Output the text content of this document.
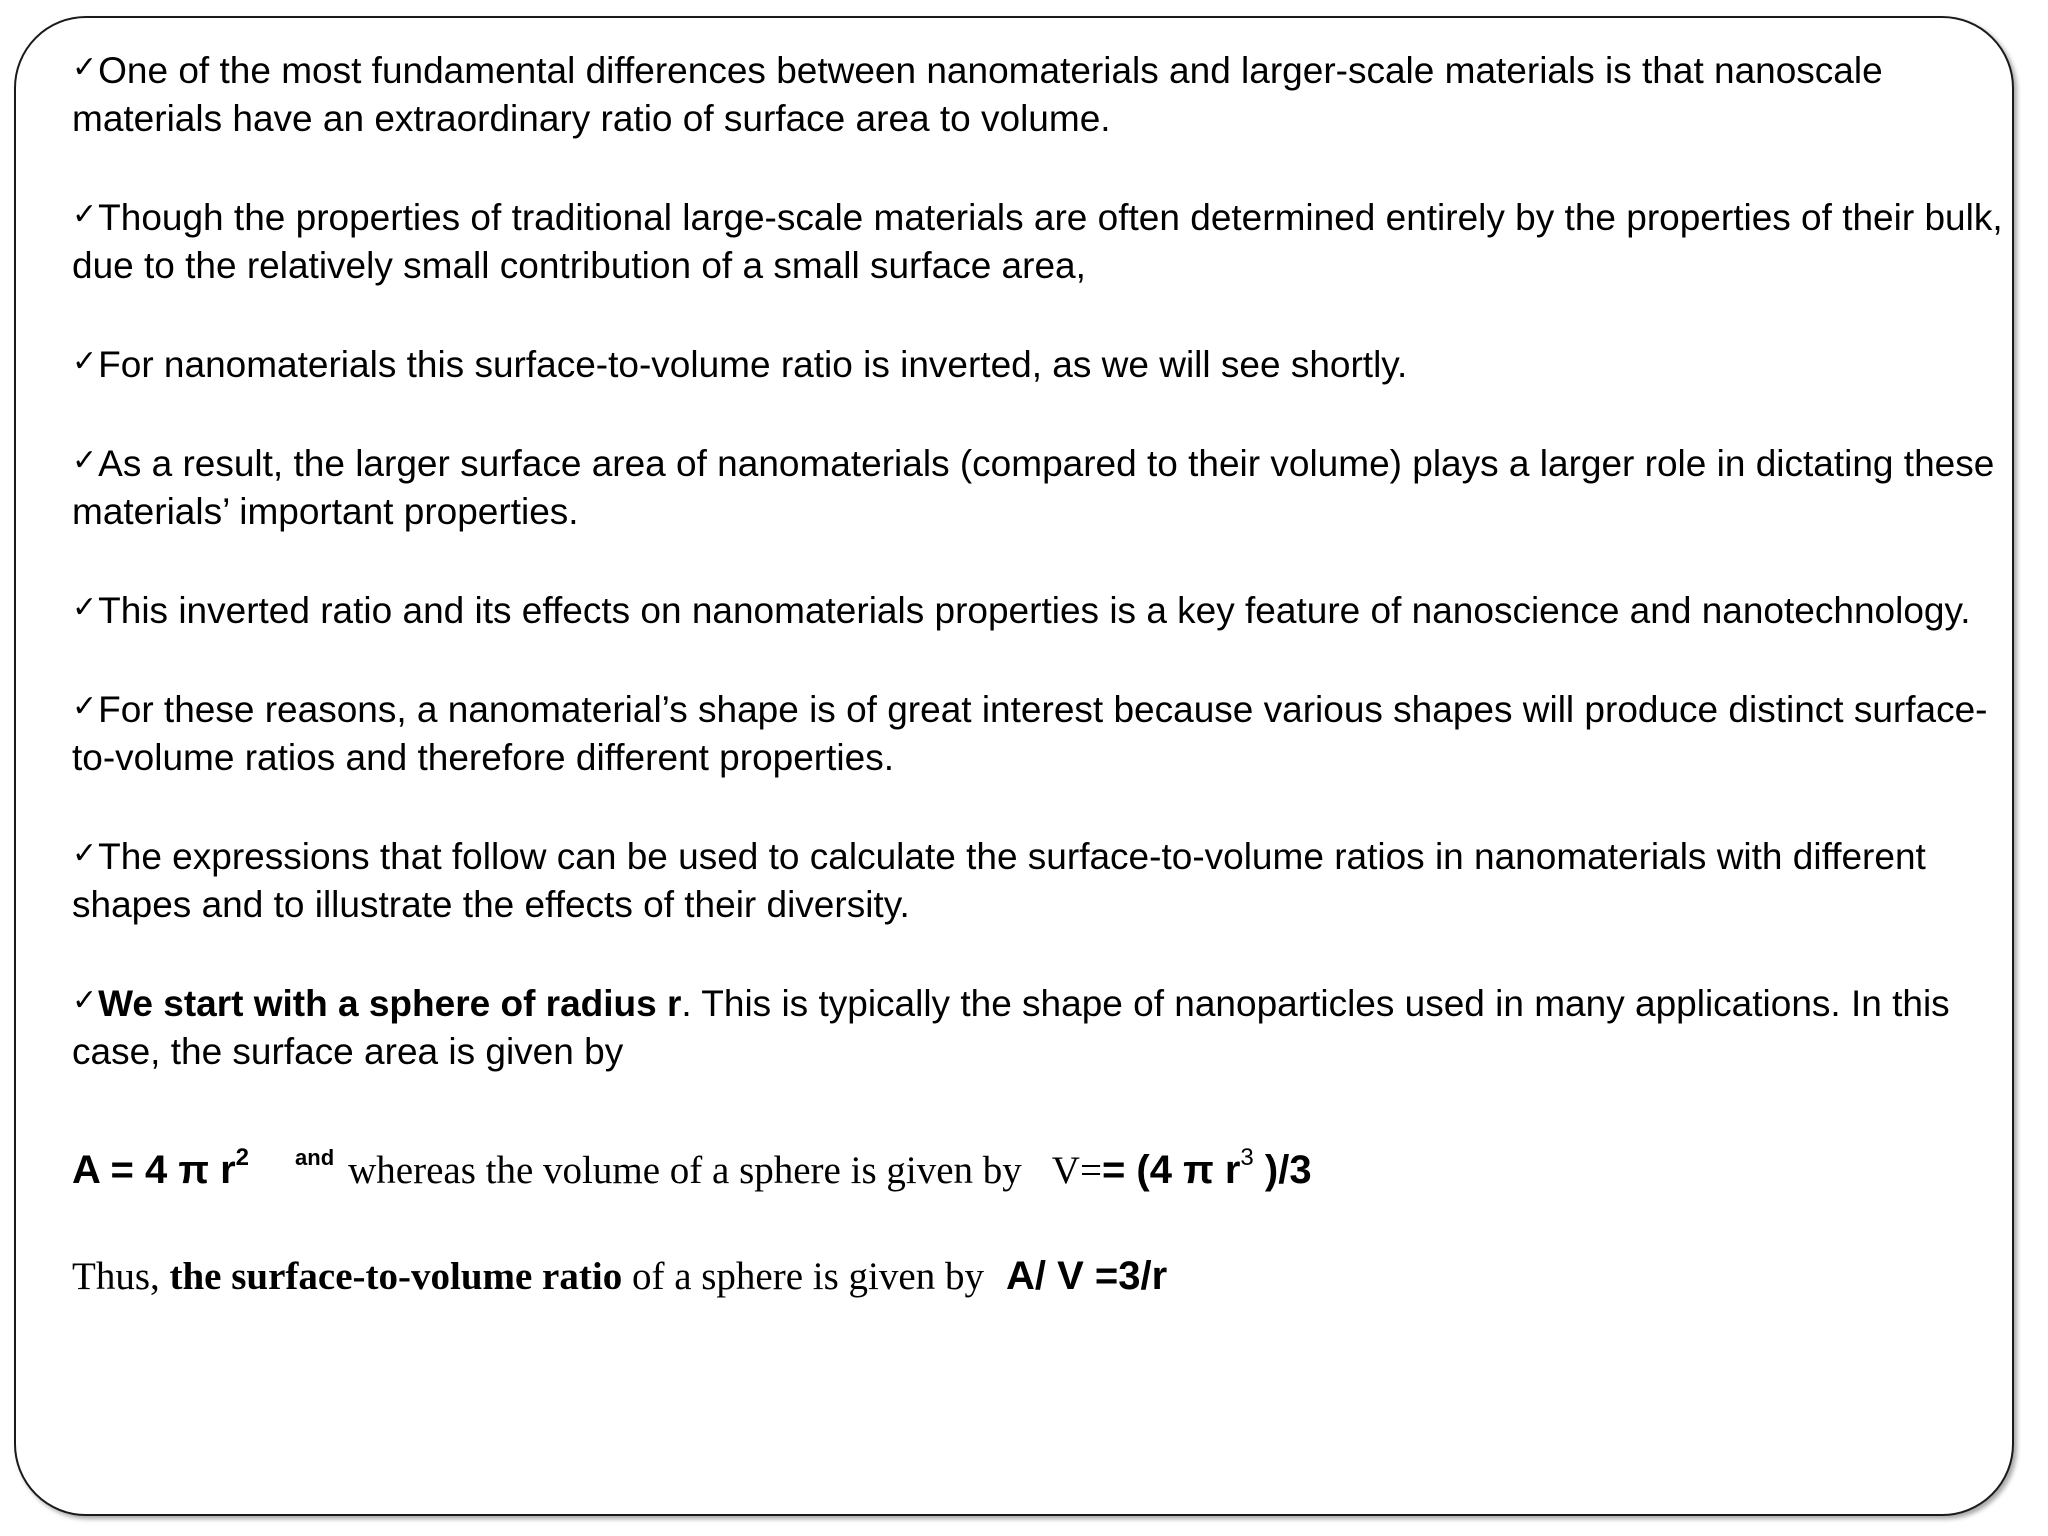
✓One of the most fundamental differences between nanomaterials and larger-scale materials is that nanoscale materials have an extraordinary ratio of surface area to volume.

✓Though the properties of traditional large-scale materials are often determined entirely by the properties of their bulk, due to the relatively small contribution of a small surface area,

✓For nanomaterials this surface-to-volume ratio is inverted, as we will see shortly.

✓As a result, the larger surface area of nanomaterials (compared to their volume) plays a larger role in dictating these materials’ important properties.

✓This inverted ratio and its effects on nanomaterials properties is a key feature of nanoscience and nanotechnology.

✓For these reasons, a nanomaterial’s shape is of great interest because various shapes will produce distinct surface-to-volume ratios and therefore different properties.

✓The expressions that follow can be used to calculate the surface-to-volume ratios in nanomaterials with different shapes and to illustrate the effects of their diversity.

✓We start with a sphere of radius r. This is typically the shape of nanoparticles used in many applications. In this case, the surface area is given by

A = 4 π r2 and whereas the volume of a sphere is given by V== (4 π r3 )/3
Thus, the surface-to-volume ratio of a sphere is given by A/ V =3/r
